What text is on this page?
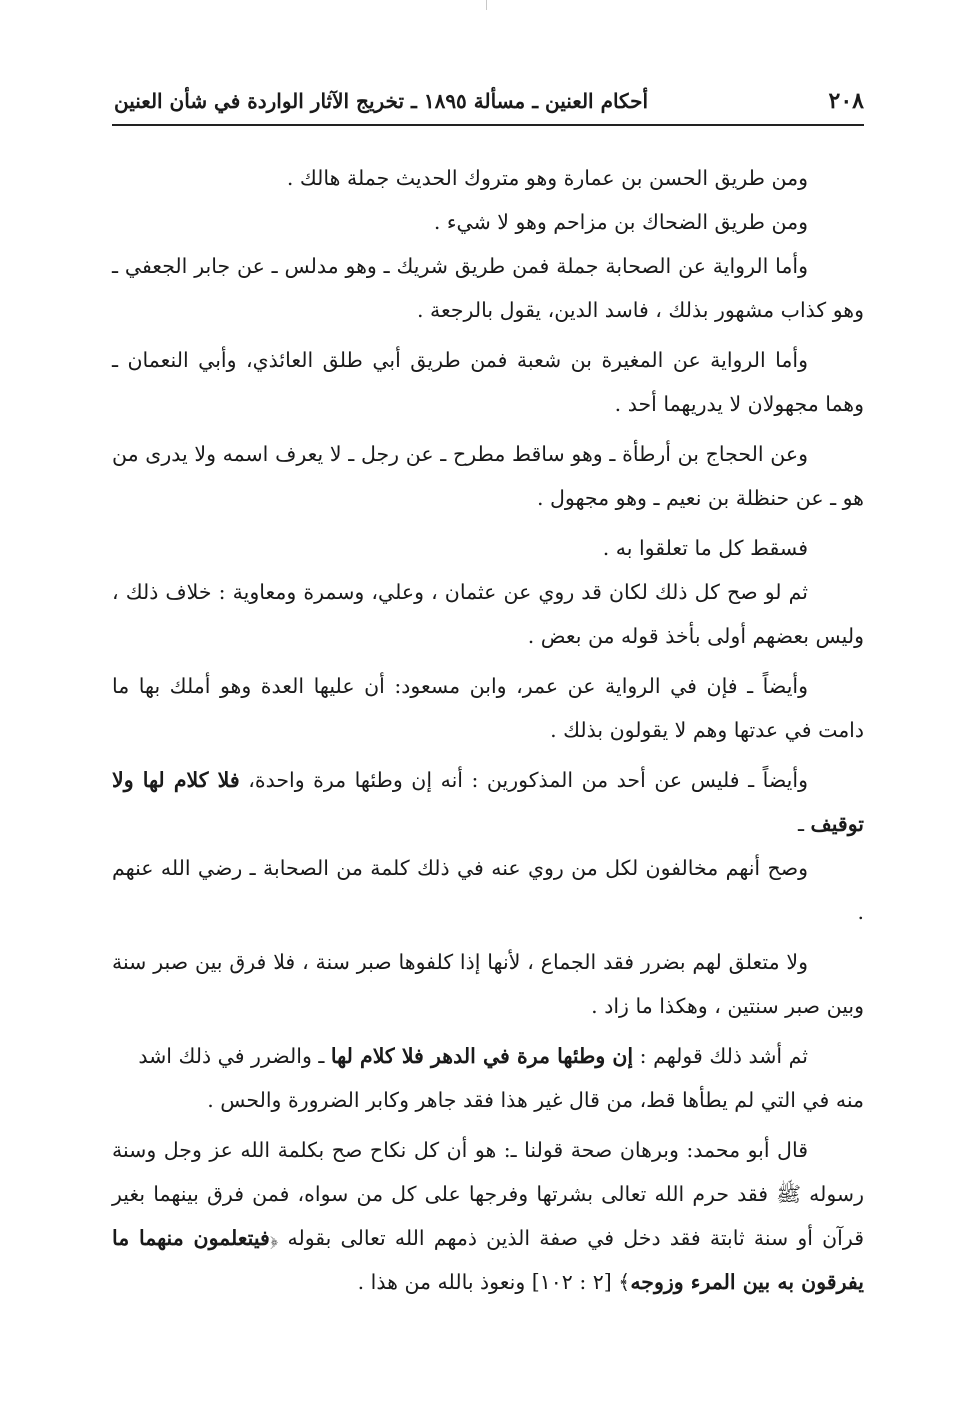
٢٠٨
أحكام العنين ـ مسألة ١٨٩٥ ـ تخريج الآثار الواردة في شأن العنين

ومن طريق الحسن بن عمارة وهو متروك الحديث جملة هالك .

ومن طريق الضحاك بن مزاحم وهو لا شيء .

وأما الرواية عن الصحابة جملة فمن طريق شريك ـ وهو مدلس ـ عن جابر الجعفي ـ وهو كذاب مشهور بذلك ، فاسد الدين، يقول بالرجعة .

وأما الرواية عن المغيرة بن شعبة فمن طريق أبي طلق العائذي، وأبي النعمان ـ وهما مجهولان لا يدريهما أحد .

وعن الحجاج بن أرطأة ـ وهو ساقط مطرح ـ عن رجل ـ لا يعرف اسمه ولا يدرى من هو ـ عن حنظلة بن نعيم ـ وهو مجهول .

فسقط كل ما تعلقوا به .

ثم لو صح كل ذلك لكان قد روي عن عثمان ، وعلي، وسمرة ومعاوية : خلاف ذلك ، وليس بعضهم أولى بأخذ قوله من بعض .

وأيضاً ـ فإن في الرواية عن عمر، وابن مسعود: أن عليها العدة وهو أملك بها ما دامت في عدتها وهم لا يقولون بذلك .

وأيضاً ـ فليس عن أحد من المذكورين : أنه إن وطئها مرة واحدة، فلا كلام لها ولا توقيف ـ

وصح أنهم مخالفون لكل من روي عنه في ذلك كلمة من الصحابة ـ رضي الله عنهم .

ولا متعلق لهم بضرر فقد الجماع ، لأنها إذا كلفوها صبر سنة ، فلا فرق بين صبر سنة وبين صبر سنتين ، وهكذا ما زاد .

ثم أشد ذلك قولهم : إن وطئها مرة في الدهر فلا كلام لها ـ والضرر في ذلك اشد

منه في التي لم يطأها قط، من قال غير هذا فقد جاهر وكابر الضرورة والحس .

قال أبو محمد: وبرهان صحة قولنا ـ: هو أن كل نكاح صح بكلمة الله عز وجل وسنة رسوله ﷺ فقد حرم الله تعالى بشرتها وفرجها على كل من سواه، فمن فرق بينهما بغير قرآن أو سنة ثابتة فقد دخل في صفة الذين ذمهم الله تعالى بقوله ﴿فيتعلمون منهما ما يفرقون به بين المرء وزوجه﴾ [٢ : ١٠٢] ونعوذ بالله من هذا .
